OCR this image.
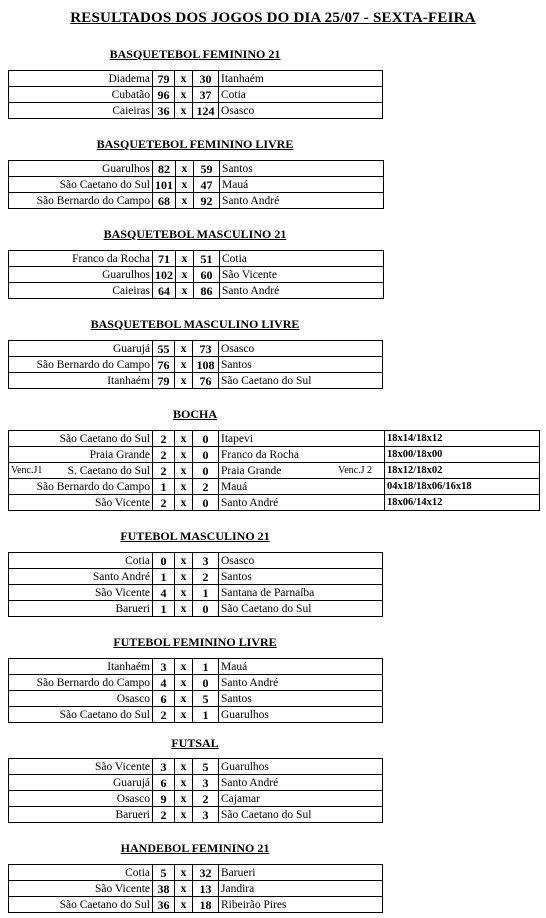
RESULTADOS DOS JOGOS DO DIA 25/07 - SEXTA-FEIRA
BASQUETEBOL FEMININO 21
Diadema	79	x	30	Itanhaém
Cubatão	96	x	37	Cotia
Caieiras	36	x	124	Osasco
BASQUETEBOL FEMININO LIVRE
Guarulhos	82	x	59	Santos
São Caetano do Sul	101	x	47	Mauá
São Bernardo do Campo	68	x	92	Santo André
BASQUETEBOL MASCULINO 21
Franco da Rocha	71	x	51	Cotia
Guarulhos	102	x	60	São Vicente
Caieiras	64	x	86	Santo André
BASQUETEBOL MASCULINO LIVRE
Guarujá	55	x	73	Osasco
São Bernardo do Campo	76	x	108	Santos
Itanhaém	79	x	76	São Caetano do Sul
BOCHA
São Caetano do Sul	2	x	0	Itapevi	18x14/18x12
Praia Grande	2	x	0	Franco da Rocha	18x00/18x00

Venc.J1 S. Caetano do Sul	2	x	0	Praia Grande Venc.J 2	18x12/18x02
São Bernardo do Campo	1	x	2	Mauá	04x18/18x06/16x18
São Vicente	2	x	0	Santo André	18x06/14x12
FUTEBOL MASCULINO 21
Cotia	0	x	3	Osasco
Santo André	1	x	2	Santos
São Vicente	4	x	1	Santana de Parnaíba
Barueri	1	x	0	São Caetano do Sul
FUTEBOL FEMININO LIVRE
Itanhaém	3	x	1	Mauá
São Bernardo do Campo	4	x	0	Santo André
Osasco	6	x	5	Santos
São Caetano do Sul	2	x	1	Guarulhos
FUTSAL
São Vicente	3	x	5	Guarulhos
Guarujá	6	x	3	Santo André
Osasco	9	x	2	Cajamar
Barueri	2	x	3	São Caetano do Sul
HANDEBOL FEMININO 21
Cotia	5	x	32	Barueri
São Vicente	38	x	13	Jandira
São Caetano do Sul	36	x	18	Ribeirão Pires
